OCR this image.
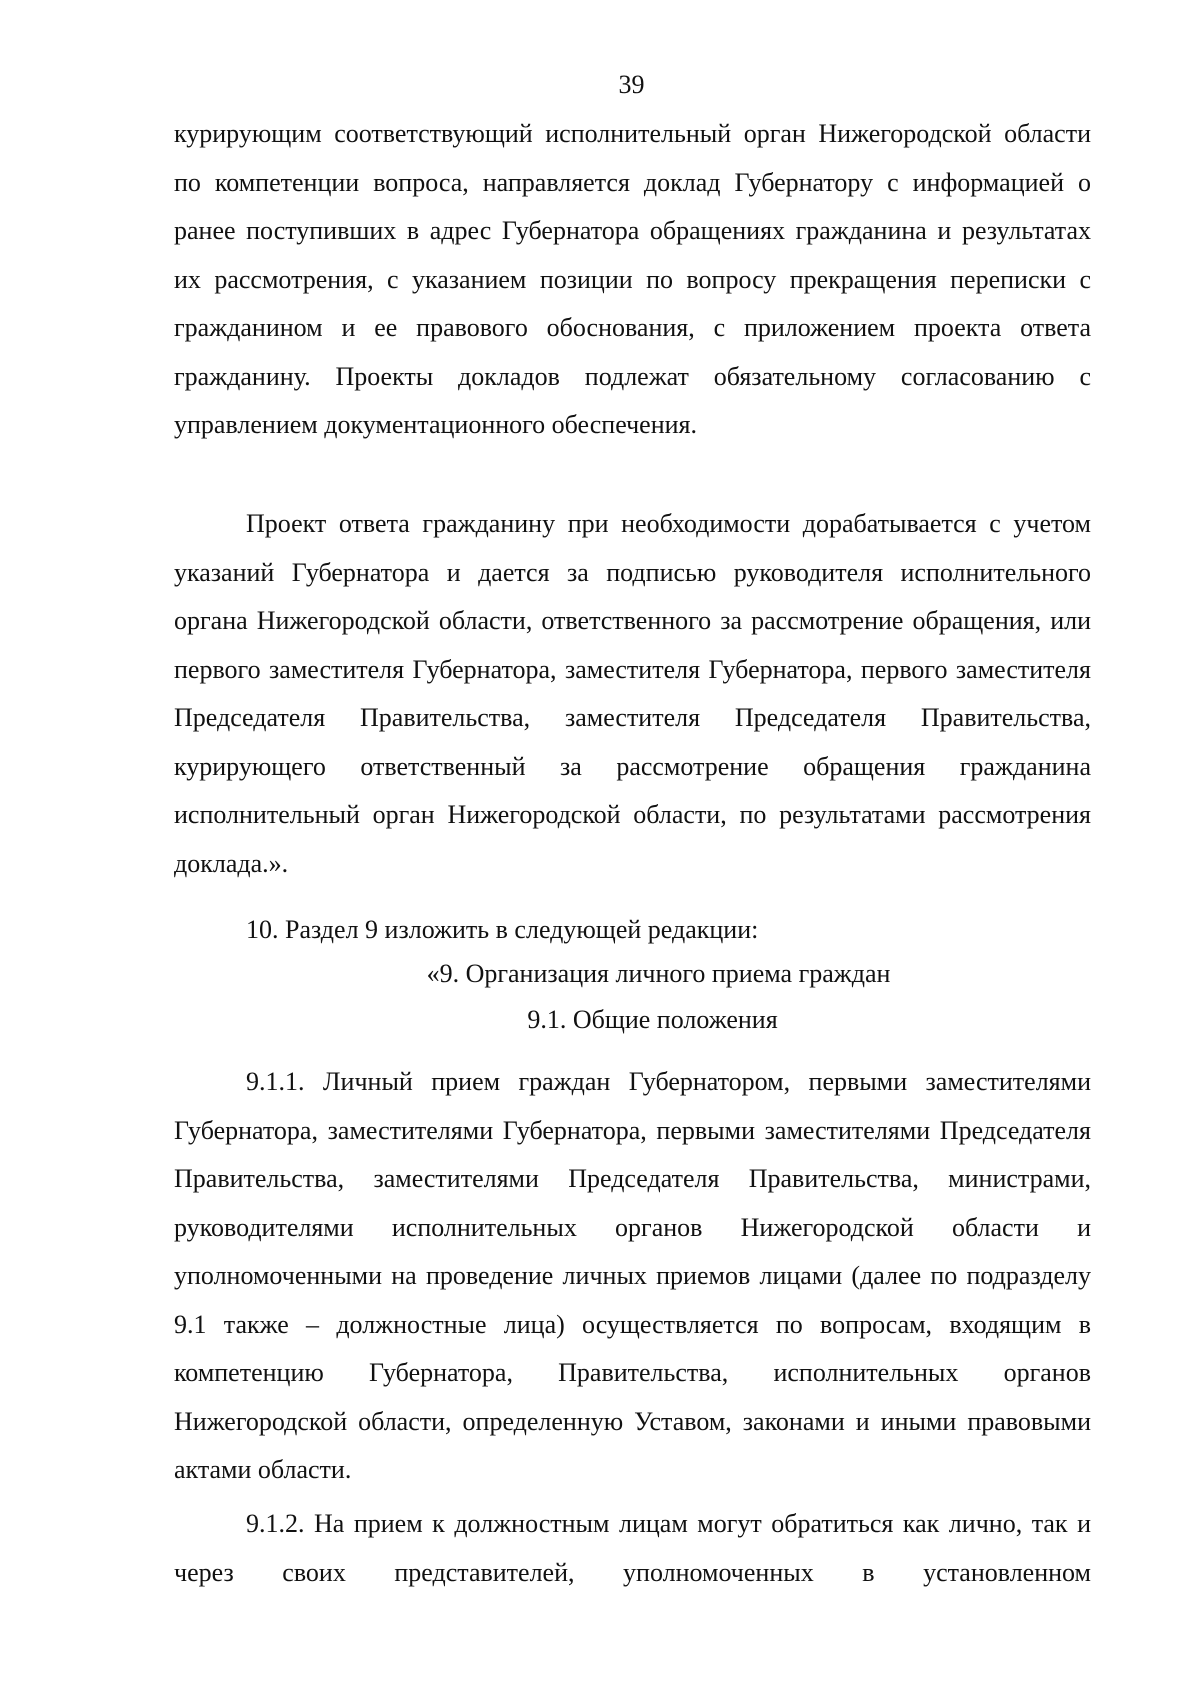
39

курирующим соответствующий исполнительный орган Нижегородской области по компетенции вопроса, направляется доклад Губернатору с информацией о ранее поступивших в адрес Губернатора обращениях гражданина и результатах их рассмотрения, с указанием позиции по вопросу прекращения переписки с гражданином и ее правового обоснования, с приложением проекта ответа гражданину. Проекты докладов подлежат обязательному согласованию с управлением документационного обеспечения.

Проект ответа гражданину при необходимости дорабатывается с учетом указаний Губернатора и дается за подписью руководителя исполнительного органа Нижегородской области, ответственного за рассмотрение обращения, или первого заместителя Губернатора, заместителя Губернатора, первого заместителя Председателя Правительства, заместителя Председателя Правительства, курирующего ответственный за рассмотрение обращения гражданина исполнительный орган Нижегородской области, по результатами рассмотрения доклада.».

10. Раздел 9 изложить в следующей редакции:

«9. Организация личного приема граждан
9.1. Общие положения

9.1.1. Личный прием граждан Губернатором, первыми заместителями Губернатора, заместителями Губернатора, первыми заместителями Председателя Правительства, заместителями Председателя Правительства, министрами, руководителями исполнительных органов Нижегородской области и уполномоченными на проведение личных приемов лицами (далее по подразделу 9.1 также – должностные лица) осуществляется по вопросам, входящим в компетенцию Губернатора, Правительства, исполнительных органов Нижегородской области, определенную Уставом, законами и иными правовыми актами области.

9.1.2. На прием к должностным лицам могут обратиться как лично, так и через своих представителей, уполномоченных в установленном
